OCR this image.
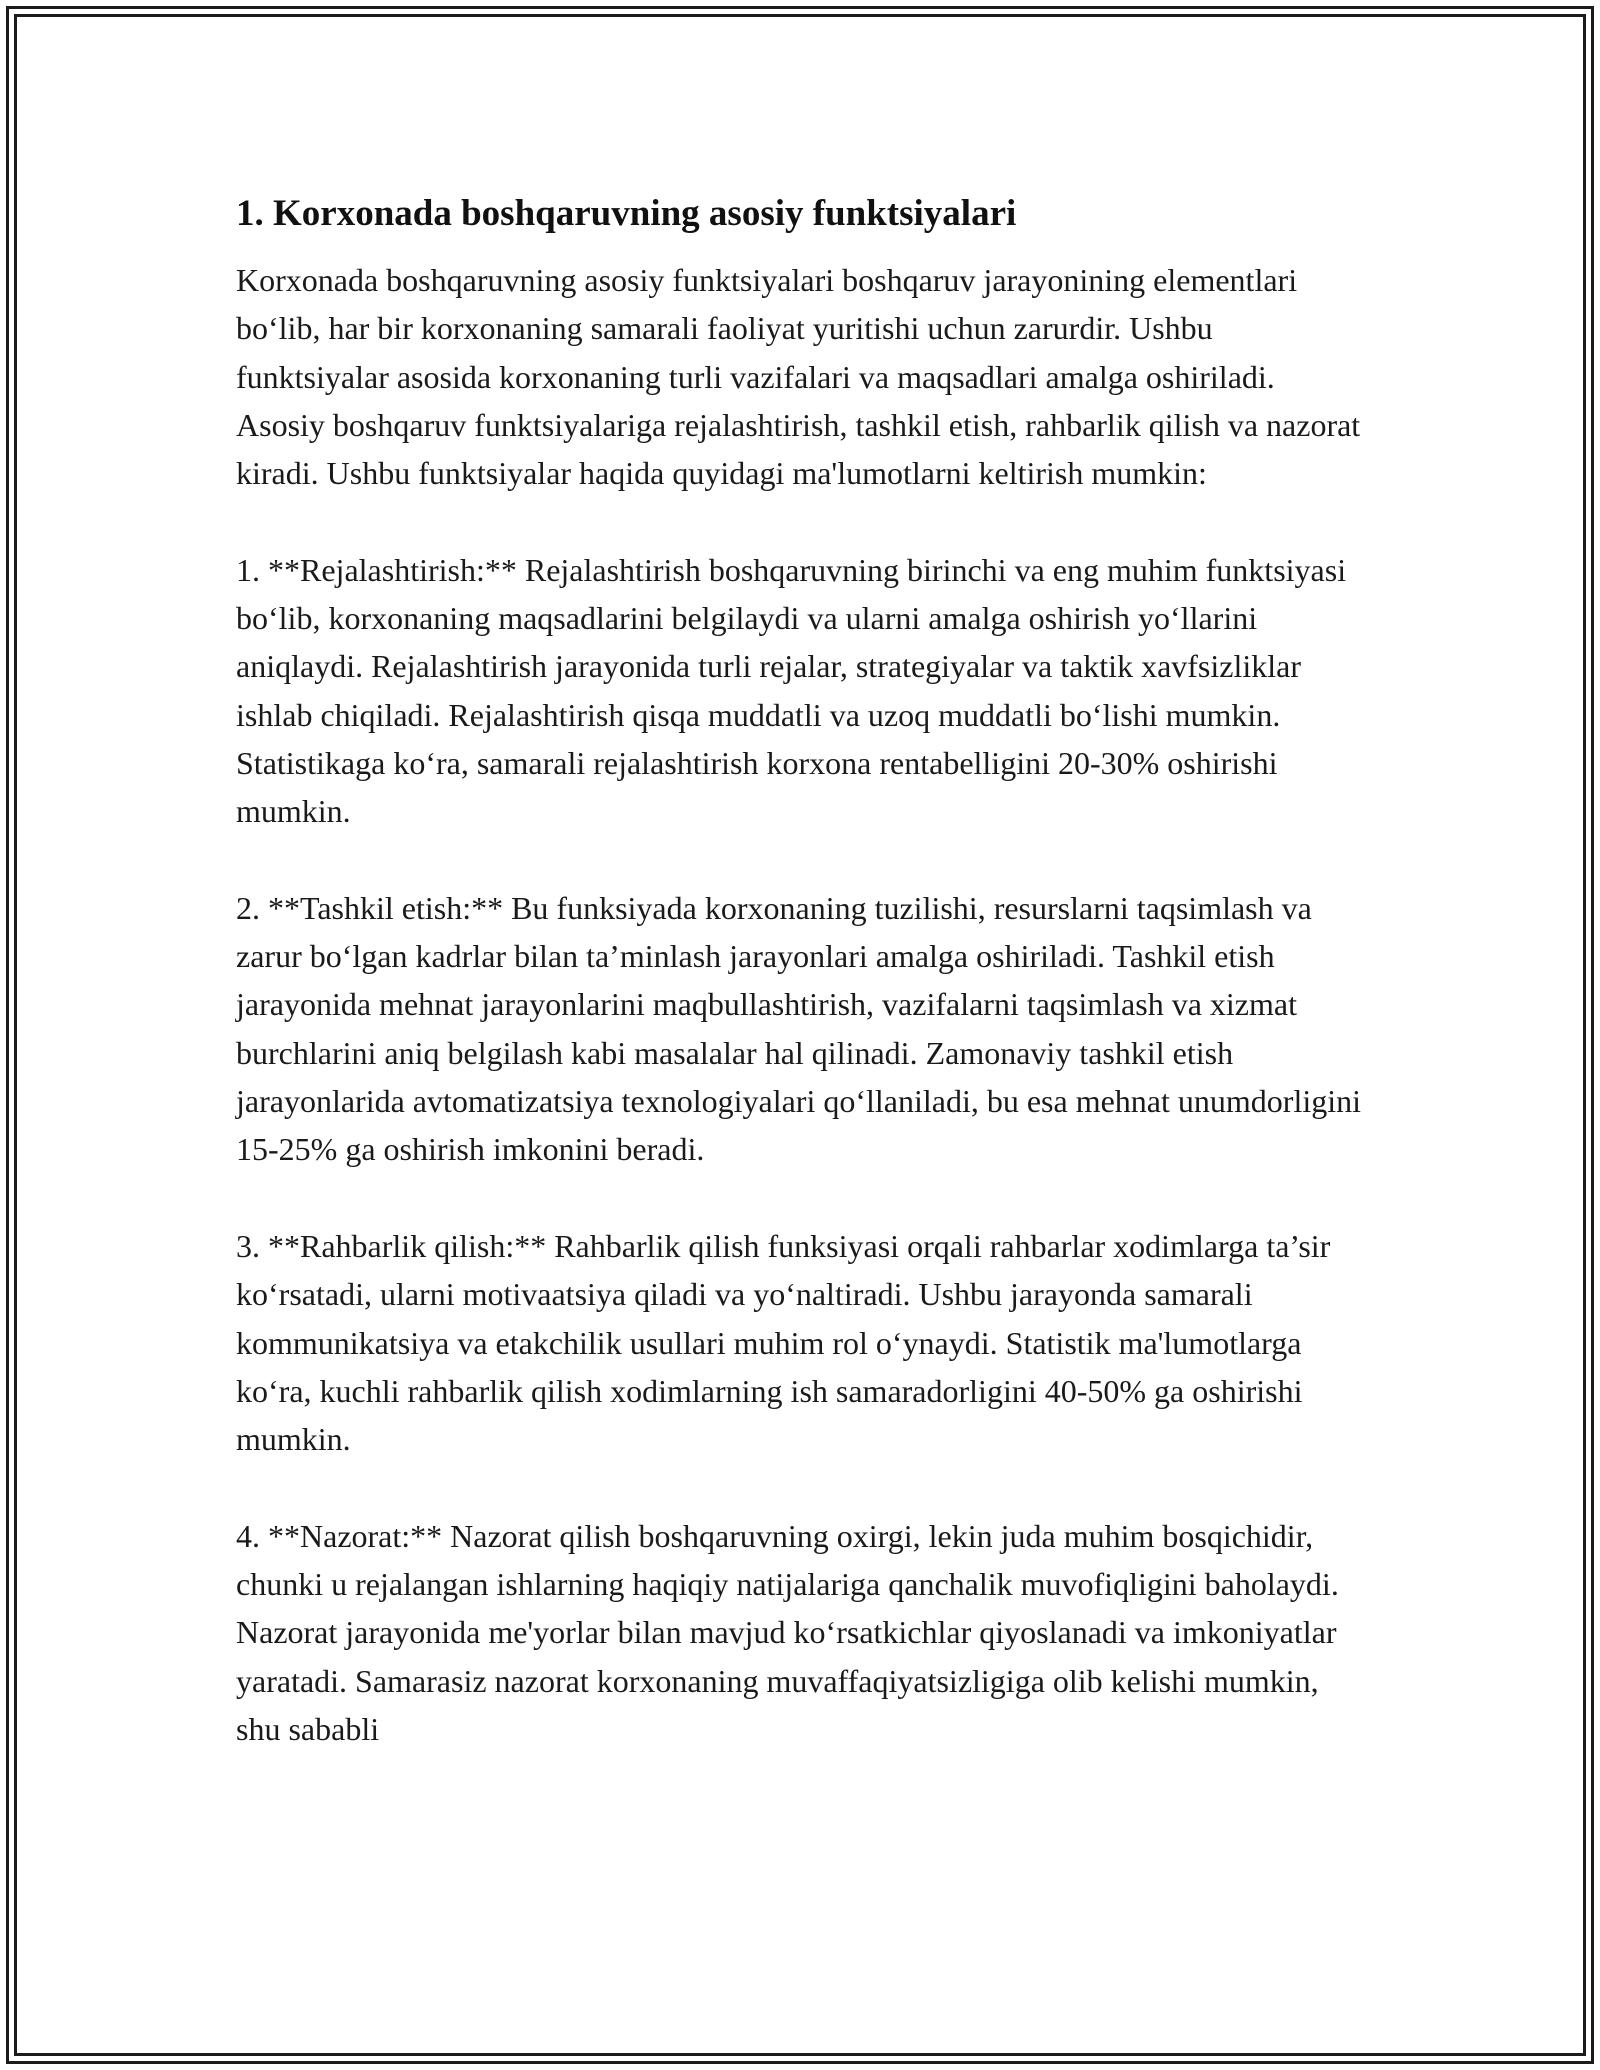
1. Korxonada boshqaruvning asosiy funktsiyalari

Korxonada boshqaruvning asosiy funktsiyalari boshqaruv jarayonining elementlari bo‘lib, har bir korxonaning samarali faoliyat yuritishi uchun zarurdir. Ushbu funktsiyalar asosida korxonaning turli vazifalari va maqsadlari amalga oshiriladi. Asosiy boshqaruv funktsiyalariga rejalashtirish, tashkil etish, rahbarlik qilish va nazorat kiradi. Ushbu funktsiyalar haqida quyidagi ma'lumotlarni keltirish mumkin:

1. **Rejalashtirish:** Rejalashtirish boshqaruvning birinchi va eng muhim funktsiyasi bo‘lib, korxonaning maqsadlarini belgilaydi va ularni amalga oshirish yo‘llarini aniqlaydi. Rejalashtirish jarayonida turli rejalar, strategiyalar va taktik xavfsizliklar ishlab chiqiladi. Rejalashtirish qisqa muddatli va uzoq muddatli bo‘lishi mumkin. Statistikaga ko‘ra, samarali rejalashtirish korxona rentabelligini 20-30% oshirishi mumkin.

2. **Tashkil etish:** Bu funksiyada korxonaning tuzilishi, resurslarni taqsimlash va zarur bo‘lgan kadrlar bilan ta’minlash jarayonlari amalga oshiriladi. Tashkil etish jarayonida mehnat jarayonlarini maqbullashtirish, vazifalarni taqsimlash va xizmat burchlarini aniq belgilash kabi masalalar hal qilinadi. Zamonaviy tashkil etish jarayonlarida avtomatizatsiya texnologiyalari qo‘llaniladi, bu esa mehnat unumdorligini 15-25% ga oshirish imkonini beradi.

3. **Rahbarlik qilish:** Rahbarlik qilish funksiyasi orqali rahbarlar xodimlarga ta’sir ko‘rsatadi, ularni motivaatsiya qiladi va yo‘naltiradi. Ushbu jarayonda samarali kommunikatsiya va etakchilik usullari muhim rol o‘ynaydi. Statistik ma'lumotlarga ko‘ra, kuchli rahbarlik qilish xodimlarning ish samaradorligini 40-50% ga oshirishi mumkin.

4. **Nazorat:** Nazorat qilish boshqaruvning oxirgi, lekin juda muhim bosqichidir, chunki u rejalangan ishlarning haqiqiy natijalariga qanchalik muvofiqligini baholaydi. Nazorat jarayonida me'yorlar bilan mavjud ko‘rsatkichlar qiyoslanadi va imkoniyatlar yaratadi. Samarasiz nazorat korxonaning muvaffaqiyatsizligiga olib kelishi mumkin, shu sababli
